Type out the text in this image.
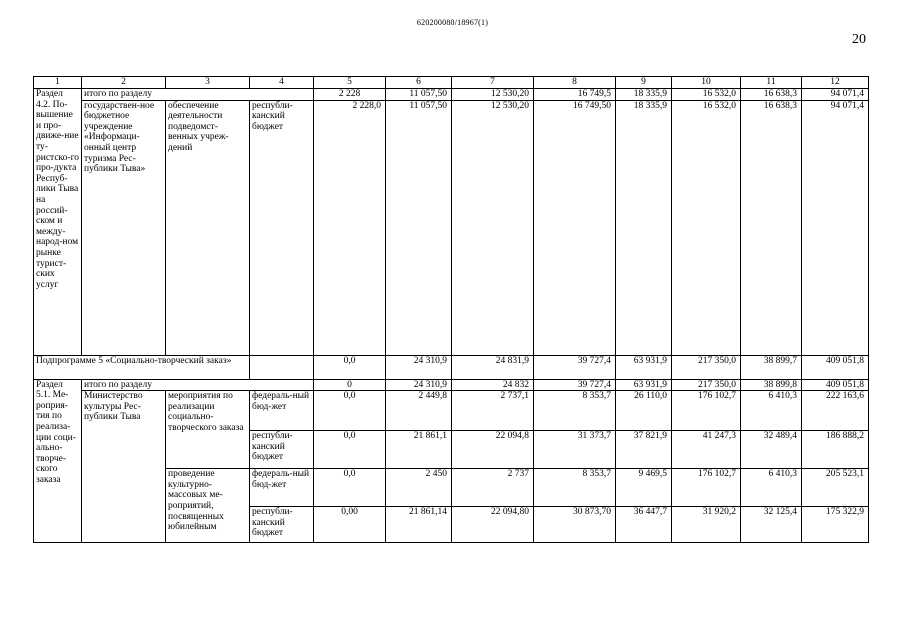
620200080/18967(1)
20
1	2	3	4	5	6	7	8	9	10	11	12
Раздел 4.2. По-вышение и про-движе-ние ту-ристско-го про-дукта Респуб-лики Тыва на россий-ском и между-народ-ном рынке турист-ских услуг	итого по разделу			2 228	11 057,50	12 530,20	16 749,5	18 335,9	16 532,0	16 638,3	94 071,4
	государствен-ное бюджетное учреждение «Информаци-онный центр туризма Рес-публики Тыва»	обеспечение деятельности подведомст-венных учреж-дений	республи-канский бюджет	2 228,0	11 057,50	12 530,20	16 749,50	18 335,9	16 532,0	16 638,3	94 071,4
Подпрограмме 5 «Социально-творческий заказ»				0,0	24 310,9	24 831,9	39 727,4	63 931,9	217 350,0	38 899,7	409 051,8
Раздел 5.1. Ме-роприя-тия по реализа-ции соци-ально-творче-ского заказа	итого по разделу			0	24 310,9	24 832	39 727,4	63 931,9	217 350,0	38 899,8	409 051,8
	Министерство культуры Рес-публики Тыва	мероприятия по реализации социально-творческого заказа	федераль-ный бюд-жет	0,0	2 449,8	2 737,1	8 353,7	26 110,0	176 102,7	6 410,3	222 163,6
			республи-канский бюджет	0,0	21 861,1	22 094,8	31 373,7	37 821,9	41 247,3	32 489,4	186 888,2
		проведение культурно-массовых ме-роприятий, посвященных юбилейным	федераль-ный бюд-жет	0,0	2 450	2 737	8 353,7	9 469,5	176 102,7	6 410,3	205 523,1
			республи-канский бюджет	0,00	21 861,14	22 094,80	30 873,70	36 447,7	31 920,2	32 125,4	175 322,9
